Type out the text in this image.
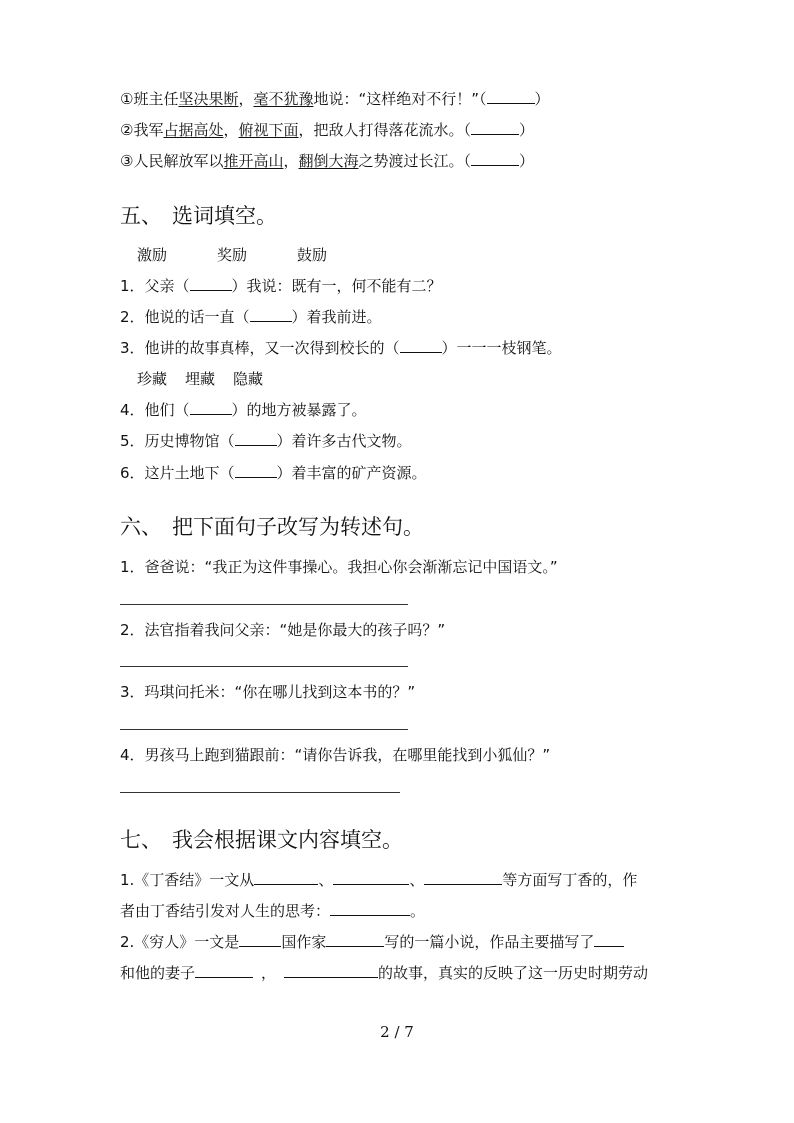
①班主任坚决果断，毫不犹豫地说：“这样绝对不行！”（	）
②我军占据高处，俯视下面，把敌人打得落花流水。（	）
③人民解放军以推开高山，翻倒大海之势渡过长江。（	）
五、 选词填空。
激励	奖励	鼓励
1．父亲（	）我说：既有一，何不能有二？
2．他说的话一直（	）着我前进。
3．他讲的故事真棒，又一次得到校长的（	）一一一枝钢笔。
珍藏 埋藏 隐藏
4．他们（	）的地方被暴露了。
5．历史博物馆（	）着许多古代文物。
6．这片土地下（	）着丰富的矿产资源。
六、 把下面句子改写为转述句。
1．爸爸说：“我正为这件事操心。我担心你会渐渐忘记中国语文。”
2．法官指着我问父亲：“她是你最大的孩子吗？”
3．玛琪问托米：“你在哪儿找到这本书的？”
4．男孩马上跑到猫跟前：“请你告诉我，在哪里能找到小狐仙？”
七、 我会根据课文内容填空。
1.《丁香结》一文从	、	、	等方面写丁香的，作
者由丁香结引发对人生的思考：	。
2.《穷人》一文是	国作家	写的一篇小说，作品主要描写了
和他的妻子	，	的故事，真实的反映了这一历史时期劳动
2 / 7
